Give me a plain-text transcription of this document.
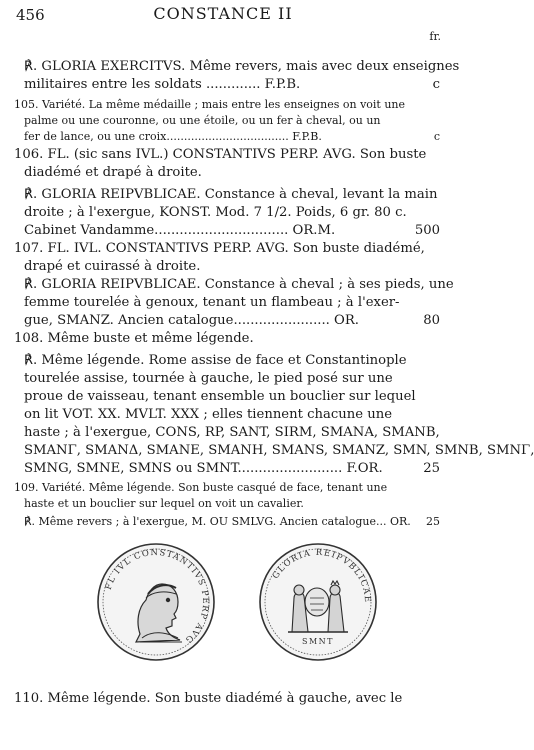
456	CONSTANCE II
fr.
℟. GLORIA EXERCITVS. Même revers, mais avec deux enseignes
militaires entre les soldats ............. F.P.B.	c
105. Variété. La même médaille ; mais entre les enseignes on voit une
palme ou une couronne, ou une étoile, ou un fer à cheval, ou un
fer de lance, ou une croix................................... F.P.B.	c
106. FL. (sic sans IVL.) CONSTANTIVS PERP. AVG. Son buste
diadémé et drapé à droite.
℟. GLORIA REIPVBLICAE. Constance à cheval, levant la main
droite ; à l'exergue, KONST. Mod. 7 1/2. Poids, 6 gr. 80 c.
Cabinet Vandamme................................ OR.M.	500
107. FL. IVL. CONSTANTIVS PERP. AVG. Son buste diadémé,
drapé et cuirassé à droite.
℟. GLORIA REIPVBLICAE. Constance à cheval ; à ses pieds, une
femme tourelée à genoux, tenant un flambeau ; à l'exer-
gue, SMANZ. Ancien catalogue....................... OR.	80
108. Même buste et même légende.
℟. Même légende. Rome assise de face et Constantinople
tourelée assise, tournée à gauche, le pied posé sur une
proue de vaisseau, tenant ensemble un bouclier sur lequel
on lit VOT. XX. MVLT. XXX ; elles tiennent chacune une
haste ; à l'exergue, CONS, RP, SANT, SIRM, SMANA, SMANB,
SMANΓ, SMANΔ, SMANΕ, SMANH, SMANS, SMANZ, SMN, SMNB, SMNΓ,
SMNG, SMNΕ, SMNS ou SMNT......................... F.OR.	25
109. Variété. Même légende. Son buste casqué de face, tenant une
haste et un bouclier sur lequel on voit un cavalier.
℟. Même revers ; à l'exergue, M. OU SMLVG. Ancien catalogue... OR.	25
110. Même légende. Son buste diadémé à gauche, avec le
FL IVL CONSTANTIVS PERP AVG
GLORIA REIPVBLICAE
SMNT
